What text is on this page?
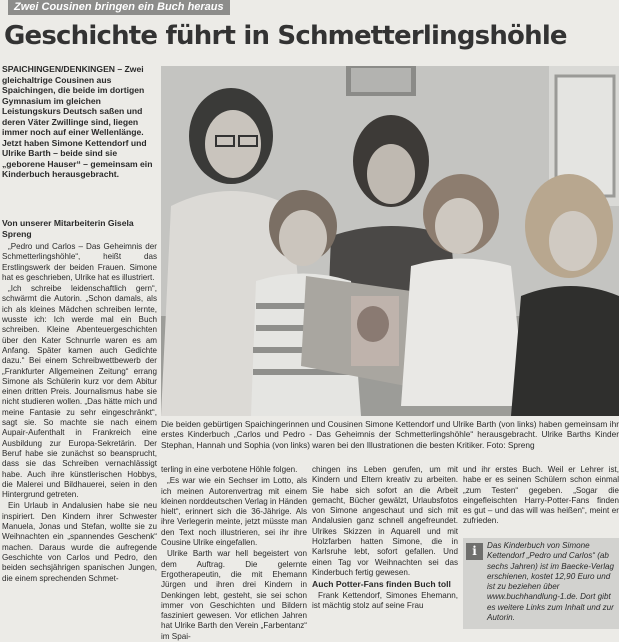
Zwei Cousinen bringen ein Buch heraus
Geschichte führt in Schmetterlingshöhle
SPAICHINGEN/DENKINGEN – Zwei gleichaltrige Cousinen aus Spaichingen, die beide im dortigen Gymnasium im gleichen Leistungskurs Deutsch saßen und deren Väter Zwillinge sind, liegen immer noch auf einer Wellenlänge. Jetzt haben Simone Kettendorf und Ulrike Barth – beide sind sie „geborene Hauser“ – gemeinsam ein Kinderbuch herausgebracht.
Von unserer Mitarbeiterin Gisela Spreng

„Pedro und Carlos – Das Geheimnis der Schmetterlingshöhle“, heißt das Erstlingswerk der beiden Frauen. Simone hat es geschrieben, Ulrike hat es illustriert.

„Ich schreibe leidenschaftlich gern“, schwärmt die Autorin. „Schon damals, als ich als kleines Mädchen schreiben lernte, wusste ich: Ich werde mal ein Buch schreiben. Kleine Abenteuergeschichten über den Kater Schnurrle waren es am Anfang. Später kamen auch Gedichte dazu.“ Bei einem Schreibwettbewerb der „Frankfurter Allgemeinen Zeitung“ errang Simone als Schülerin kurz vor dem Abitur einen dritten Preis. Journalismus habe sie nicht studieren wollen. „Das hätte mich und meine Fantasie zu sehr eingeschränkt“, sagt sie. So machte sie nach einem Aupair-Aufenthalt in Frankreich eine Ausbildung zur Europa-Sekretärin. Der Beruf habe sie zunächst so beansprucht, dass sie das Schreiben vernachlässigt habe. Auch ihre künstlerischen Hobbys, die Malerei und Bildhauerei, seien in den Hintergrund getreten.

Ein Urlaub in Andalusien habe sie neu inspiriert. Den Kindern ihrer Schwester Manuela, Jonas und Stefan, wollte sie zu Weihnachten ein „spannendes Geschenk“ machen. Daraus wurde die aufregende Geschichte von Carlos und Pedro, den beiden sechsjährigen spanischen Jungen, die einem sprechenden Schmet-

Die beiden gebürtigen Spaichingerinnen und Cousinen Simone Kettendorf und Ulrike Barth (von links) haben gemeinsam ihr erstes Kinderbuch „Carlos und Pedro - Das Geheimnis der Schmetterlingshöhle“ herausgebracht. Ulrike Barths Kinder Stephan, Hannah und Sophia (von links) waren bei den Illustrationen die besten Kritiker. Foto: Spreng

terling in eine verbotene Höhle folgen.

„Es war wie ein Sechser im Lotto, als ich meinen Autorenvertrag mit einem kleinen norddeutschen Verlag in Händen hielt“, erinnert sich die 36-Jährige. Als ihre Verlegerin meinte, jetzt müsste man den Text noch illustrieren, sei ihr ihre Cousine Ulrike eingefallen.

Ulrike Barth war hell begeistert von dem Auftrag. Die gelernte Ergotherapeutin, die mit Ehemann Jürgen und ihren drei Kindern in Denkingen lebt, gesteht, sie sei schon immer von Geschichten und Bildern fasziniert gewesen. Vor etlichen Jahren hat Ulrike Barth den Verein „Farbentanz“ im Spai-

chingen ins Leben gerufen, um mit Kindern und Eltern kreativ zu arbeiten. Sie habe sich sofort an die Arbeit gemacht, Bücher gewälzt, Urlaubsfotos von Simone angeschaut und sich mit Andalusien ganz schnell angefreundet. Ulrikes Skizzen in Aquarell und mit Holzfarben hatten Simone, die in Karlsruhe lebt, sofort gefallen. Und einen Tag vor Weihnachten sei das Kinderbuch fertig gewesen.

Auch Potter-Fans finden Buch toll

Frank Kettendorf, Simones Ehemann, ist mächtig stolz auf seine Frau

und ihr erstes Buch. Weil er Lehrer ist, habe er es seinen Schülern schon einmal „zum Testen“ gegeben. „Sogar die eingefleischten Harry-Potter-Fans finden es gut – und das will was heißen“, meint er zufrieden.

i	Das Kinderbuch von Simone Kettendorf „Pedro und Carlos“ (ab sechs Jahren) ist im Baecke-Verlag erschienen, kostet 12,90 Euro und ist zu beziehen über www.buchhandlung-1.de. Dort gibt es weitere Links zum Inhalt und zur Autorin.
